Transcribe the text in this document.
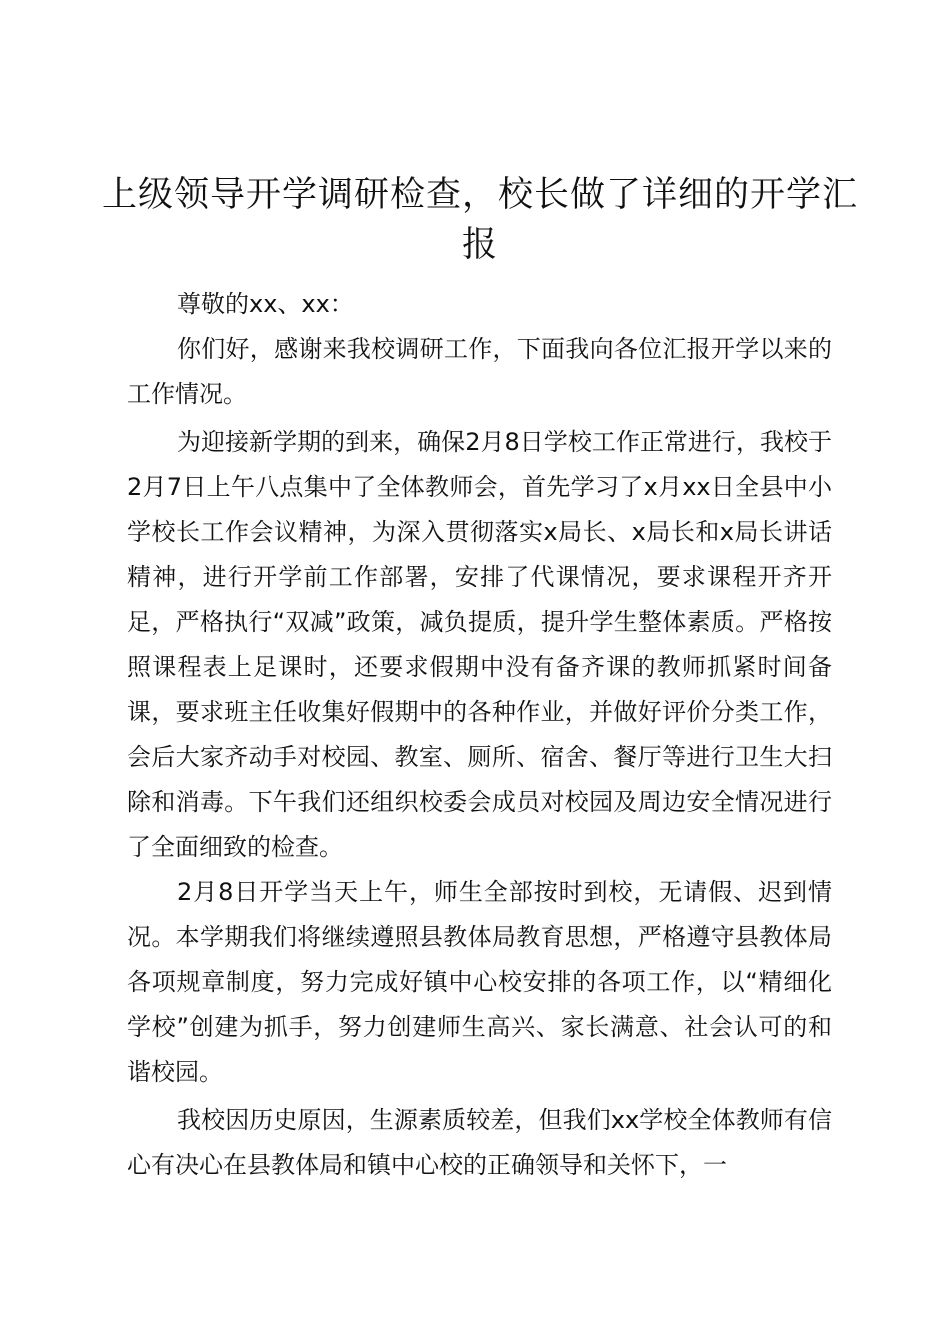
上级领导开学调研检查，校长做了详细的开学汇报

尊敬的xx、xx：

你们好，感谢来我校调研工作，下面我向各位汇报开学以来的工作情况。

为迎接新学期的到来，确保2月8日学校工作正常进行，我校于2月7日上午八点集中了全体教师会，首先学习了x月xx日全县中小学校长工作会议精神，为深入贯彻落实x局长、x局长和x局长讲话精神，进行开学前工作部署，安排了代课情况，要求课程开齐开足，严格执行“双减”政策，减负提质，提升学生整体素质。严格按照课程表上足课时，还要求假期中没有备齐课的教师抓紧时间备课，要求班主任收集好假期中的各种作业，并做好评价分类工作，会后大家齐动手对校园、教室、厕所、宿舍、餐厅等进行卫生大扫除和消毒。下午我们还组织校委会成员对校园及周边安全情况进行了全面细致的检查。

2月8日开学当天上午，师生全部按时到校，无请假、迟到情况。本学期我们将继续遵照县教体局教育思想，严格遵守县教体局各项规章制度，努力完成好镇中心校安排的各项工作，以“精细化学校”创建为抓手，努力创建师生高兴、家长满意、社会认可的和谐校园。

我校因历史原因，生源素质较差，但我们xx学校全体教师有信心有决心在县教体局和镇中心校的正确领导和关怀下，一
